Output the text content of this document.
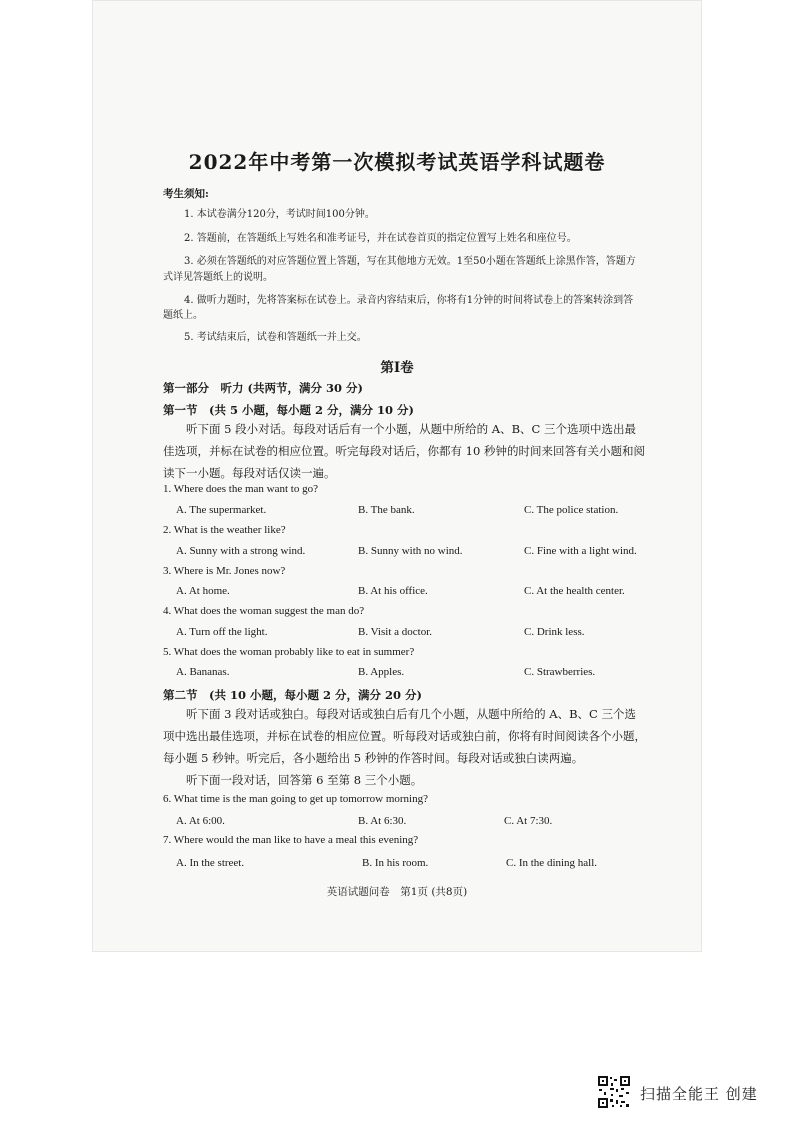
2022年中考第一次模拟考试英语学科试题卷
考生须知:
1. 本试卷满分120分，考试时间100分钟。
2. 答题前，在答题纸上写姓名和准考证号，并在试卷首页的指定位置写上姓名和座位号。
3. 必须在答题纸的对应答题位置上答题，写在其他地方无效。1至50小题在答题纸上涂黑作答，答题方
式详见答题纸上的说明。
4. 做听力题时，先将答案标在试卷上。录音内容结束后，你将有1分钟的时间将试卷上的答案转涂到答
题纸上。
5. 考试结束后，试卷和答题纸一并上交。
第I卷
第一部分　听力 (共两节，满分 30 分)
第一节　(共 5 小题，每小题 2 分，满分 10 分)
听下面 5 段小对话。每段对话后有一个小题，从题中所给的 A、B、C 三个选项中选出最
佳选项，并标在试卷的相应位置。听完每段对话后，你都有 10 秒钟的时间来回答有关小题和阅
读下一小题。每段对话仅读一遍。
1. Where does the man want to go?
A. The supermarket.	B. The bank.	C. The police station.
2. What is the weather like?
A. Sunny with a strong wind.	B. Sunny with no wind.	C. Fine with a light wind.
3. Where is Mr. Jones now?
A. At home.	B. At his office.	C. At the health center.
4. What does the woman suggest the man do?
A. Turn off the light.	B. Visit a doctor.	C. Drink less.
5. What does the woman probably like to eat in summer?
A. Bananas.	B. Apples.	C. Strawberries.
第二节　(共 10 小题，每小题 2 分，满分 20 分)
听下面 3 段对话或独白。每段对话或独白后有几个小题，从题中所给的 A、B、C 三个选
项中选出最佳选项，并标在试卷的相应位置。听每段对话或独白前，你将有时间阅读各个小题，
每小题 5 秒钟。听完后，各小题给出 5 秒钟的作答时间。每段对话或独白读两遍。
听下面一段对话，回答第 6 至第 8 三个小题。
6. What time is the man going to get up tomorrow morning?
A. At 6:00.	B. At 6:30.	C. At 7:30.
7. Where would the man like to have a meal this evening?
A. In the street.	B. In his room.	C. In the dining hall.
英语试题问卷　第1页 (共8页)
扫描全能王 创建
